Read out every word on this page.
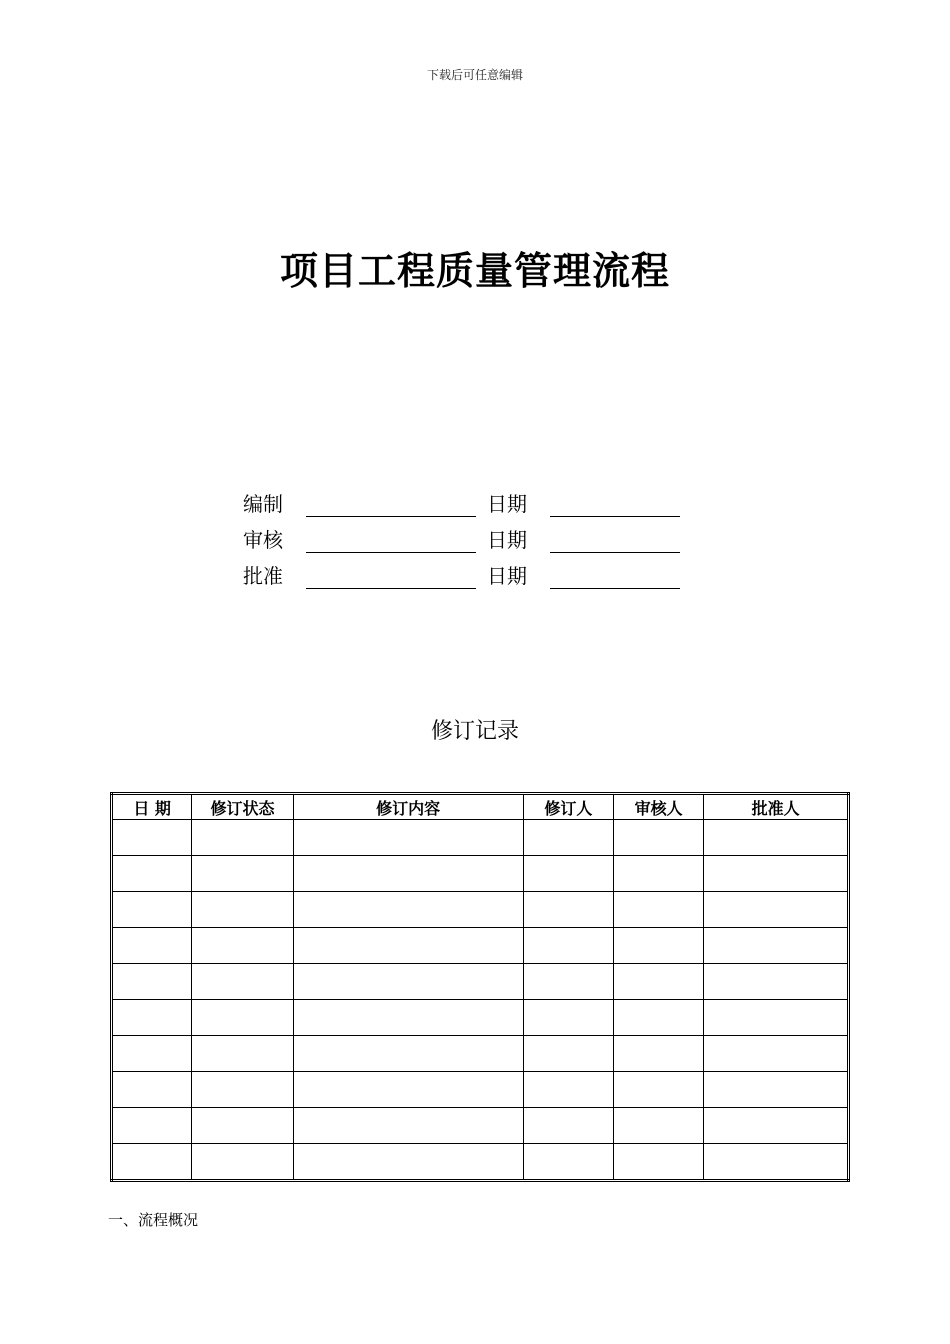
下载后可任意编辑
项目工程质量管理流程
编制	日期
审核	日期
批准	日期
修订记录
日 期	修订状态	修订内容	修订人	审核人	批准人

一、流程概况
